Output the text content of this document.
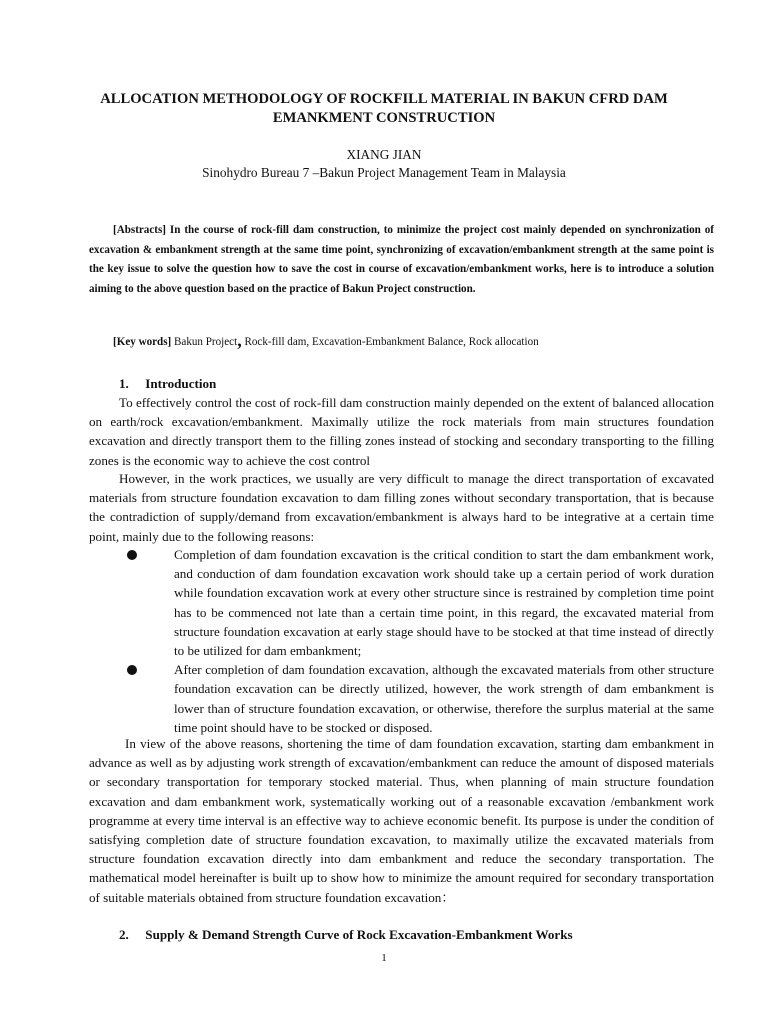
ALLOCATION METHODOLOGY OF ROCKFILL MATERIAL IN BAKUN CFRD DAM
EMANKMENT CONSTRUCTION
XIANG JIAN
Sinohydro Bureau 7 –Bakun Project Management Team in Malaysia

[Abstracts] In the course of rock-fill dam construction, to minimize the project cost mainly depended on synchronization of excavation & embankment strength at the same time point, synchronizing of excavation/embankment strength at the same point is the key issue to solve the question how to save the cost in course of excavation/embankment works, here is to introduce a solution aiming to the above question based on the practice of Bakun Project construction.

[Key words] Bakun Project, Rock-fill dam, Excavation-Embankment Balance, Rock allocation
1. Introduction

To effectively control the cost of rock-fill dam construction mainly depended on the extent of balanced allocation on earth/rock excavation/embankment. Maximally utilize the rock materials from main structures foundation excavation and directly transport them to the filling zones instead of stocking and secondary transporting to the filling zones is the economic way to achieve the cost control

However, in the work practices, we usually are very difficult to manage the direct transportation of excavated materials from structure foundation excavation to dam filling zones without secondary transportation, that is because the contradiction of supply/demand from excavation/embankment is always hard to be integrative at a certain time point, mainly due to the following reasons:

Completion of dam foundation excavation is the critical condition to start the dam embankment work, and conduction of dam foundation excavation work should take up a certain period of work duration while foundation excavation work at every other structure since is restrained by completion time point has to be commenced not late than a certain time point, in this regard, the excavated material from structure foundation excavation at early stage should have to be stocked at that time instead of directly to be utilized for dam embankment;
After completion of dam foundation excavation, although the excavated materials from other structure foundation excavation can be directly utilized, however, the work strength of dam embankment is lower than of structure foundation excavation, or otherwise, therefore the surplus material at the same time point should have to be stocked or disposed.

In view of the above reasons, shortening the time of dam foundation excavation, starting dam embankment in advance as well as by adjusting work strength of excavation/embankment can reduce the amount of disposed materials or secondary transportation for temporary stocked material. Thus, when planning of main structure foundation excavation and dam embankment work, systematically working out of a reasonable excavation /embankment work programme at every time interval is an effective way to achieve economic benefit. Its purpose is under the condition of satisfying completion date of structure foundation excavation, to maximally utilize the excavated materials from structure foundation excavation directly into dam embankment and reduce the secondary transportation. The mathematical model hereinafter is built up to show how to minimize the amount required for secondary transportation of suitable materials obtained from structure foundation excavation：

2. Supply & Demand Strength Curve of Rock Excavation-Embankment Works
1
